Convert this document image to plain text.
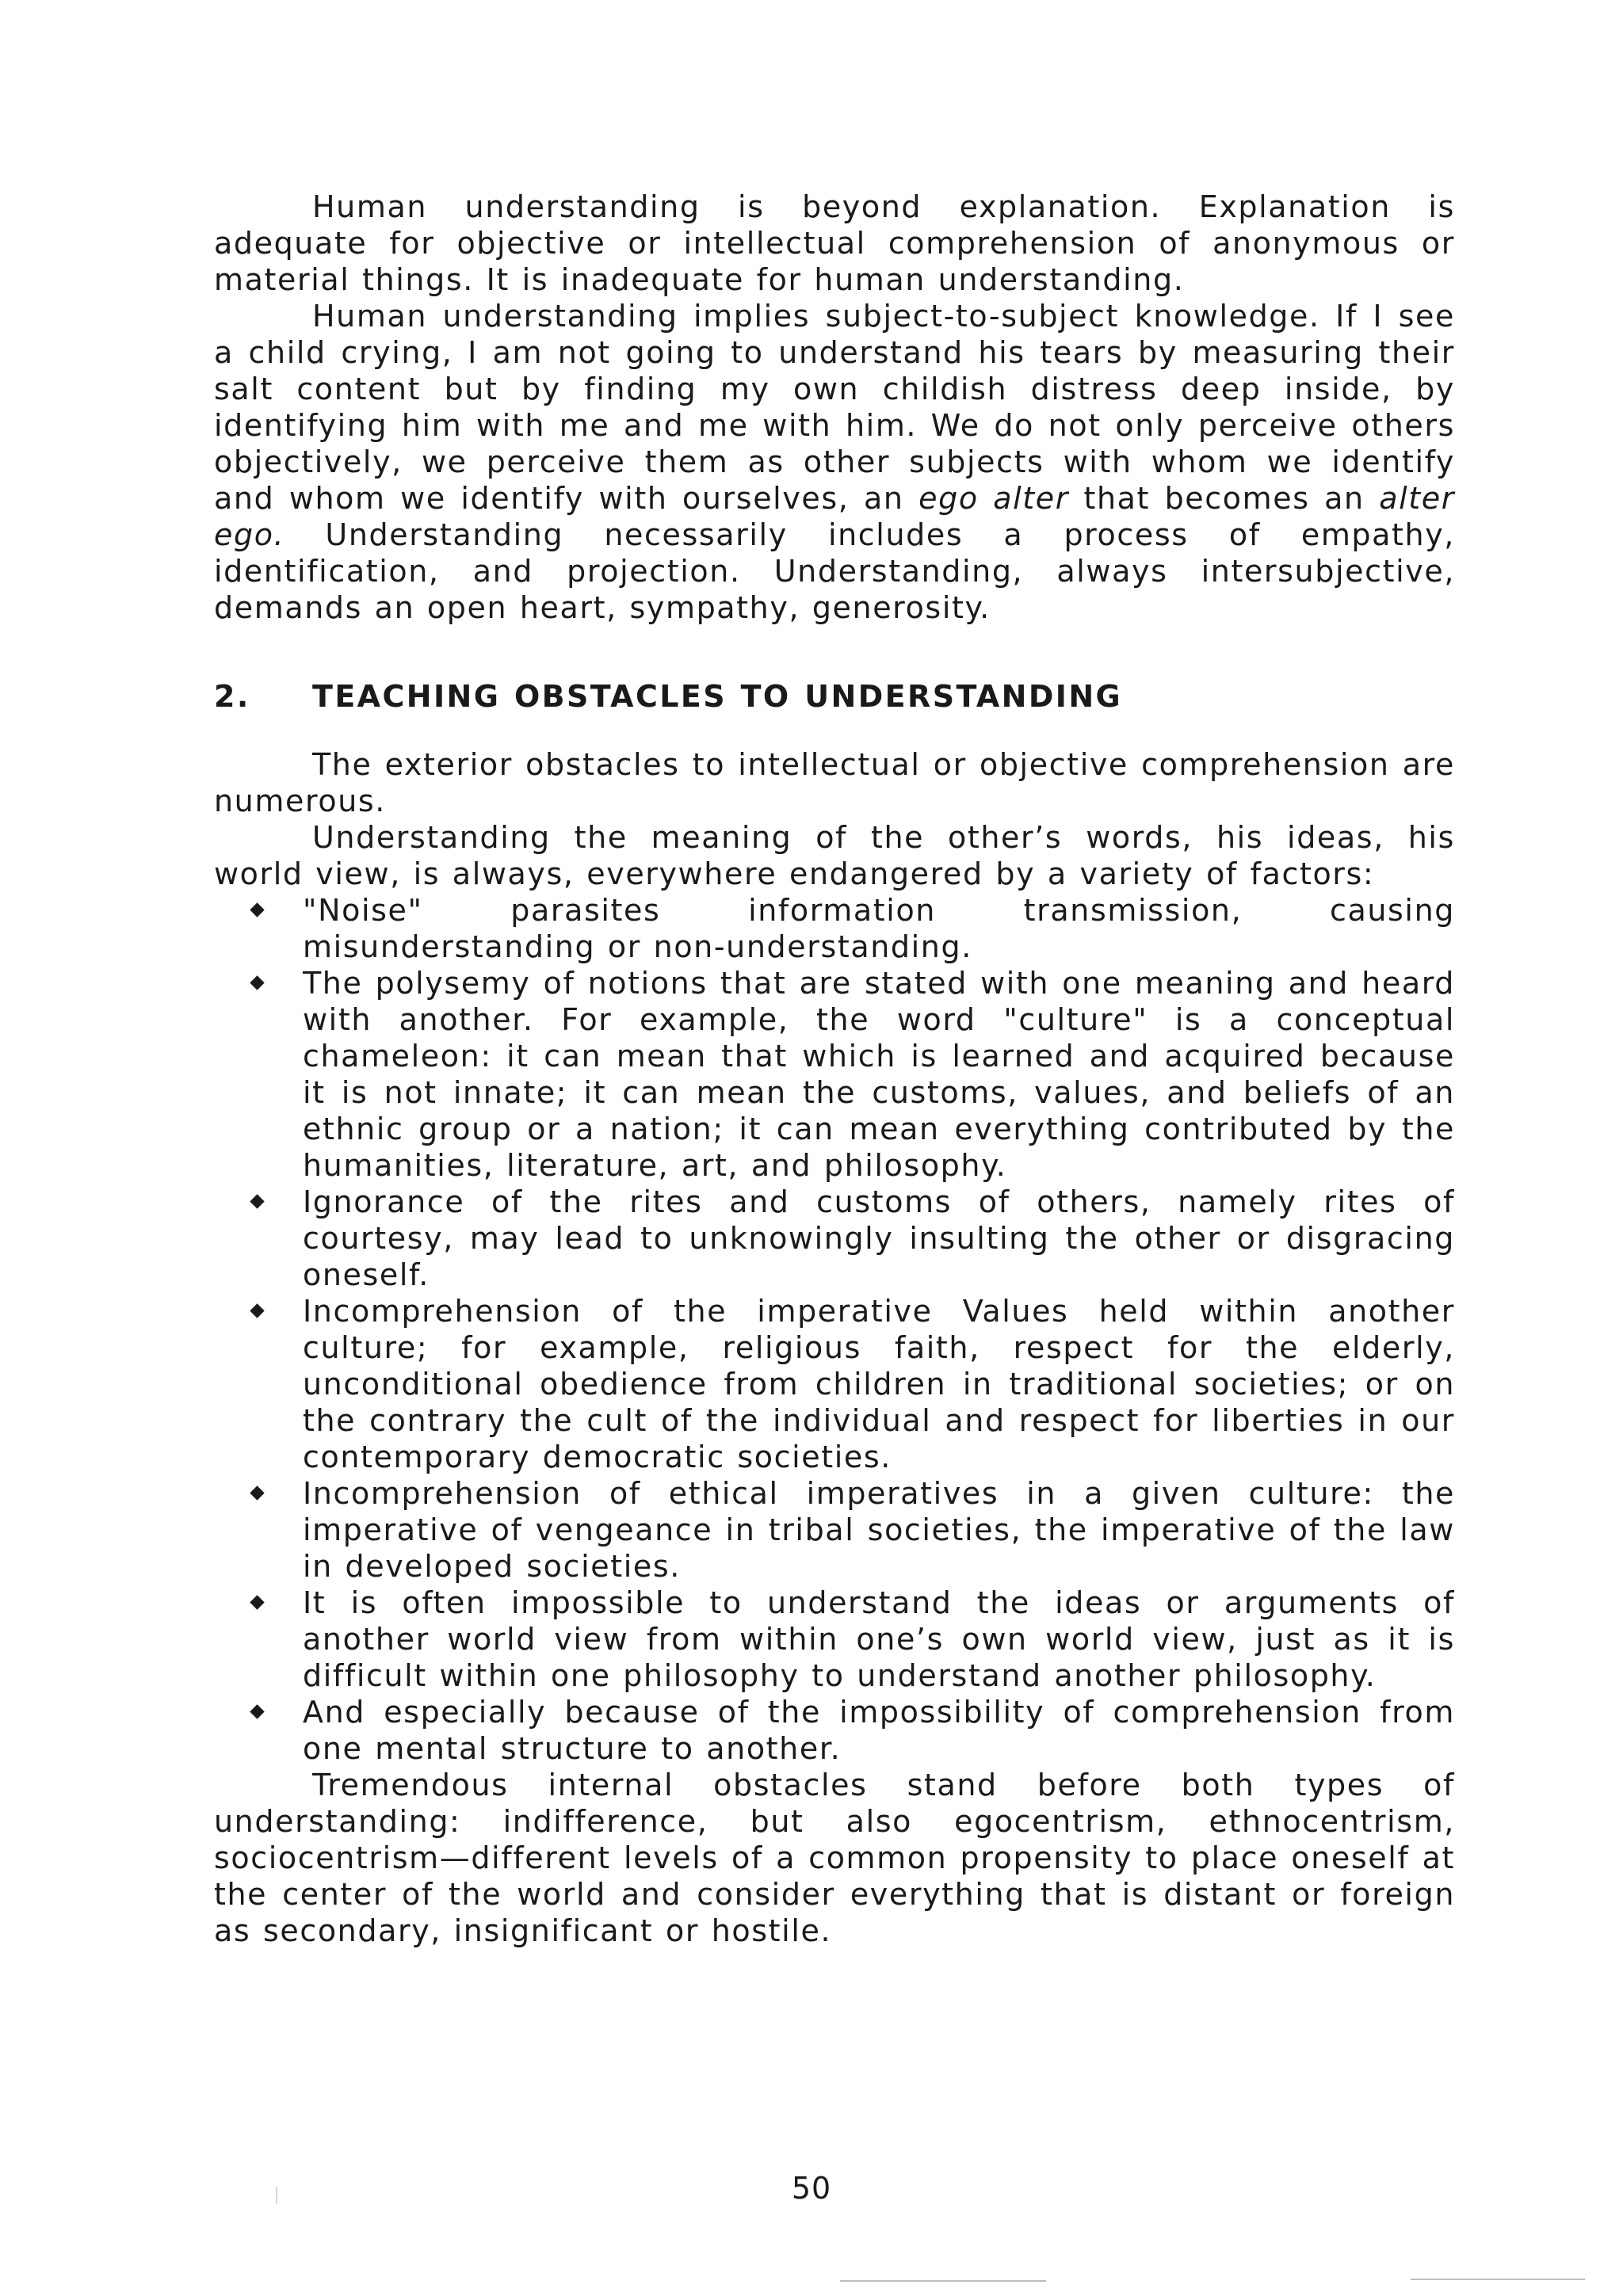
Human understanding is beyond explanation. Explanation is adequate for objective or intellectual comprehension of anonymous or material things. It is inadequate for human understanding.

Human understanding implies subject-to-subject knowledge. If I see a child crying, I am not going to understand his tears by measuring their salt content but by finding my own childish distress deep inside, by identifying him with me and me with him. We do not only perceive others objectively, we perceive them as other subjects with whom we identify and whom we identify with ourselves, an ego alter that becomes an alter ego. Understanding necessarily includes a process of empathy, identification, and projection. Understanding, always intersubjective, demands an open heart, sympathy, generosity.

2.	TEACHING OBSTACLES TO UNDERSTANDING

The exterior obstacles to intellectual or objective comprehension are numerous.

Understanding the meaning of the other’s words, his ideas, his world view, is always, everywhere endangered by a variety of factors:

"Noise" parasites information transmission, causing misunderstanding or non-understanding.
The polysemy of notions that are stated with one meaning and heard with another. For example, the word "culture" is a conceptual chameleon: it can mean that which is learned and acquired because it is not innate; it can mean the customs, values, and beliefs of an ethnic group or a nation; it can mean everything contributed by the humanities, literature, art, and philosophy.
Ignorance of the rites and customs of others, namely rites of courtesy, may lead to unknowingly insulting the other or disgracing oneself.
Incomprehension of the imperative Values held within another culture; for example, religious faith, respect for the elderly, unconditional obedience from children in traditional societies; or on the contrary the cult of the individual and respect for liberties in our contemporary democratic societies.
Incomprehension of ethical imperatives in a given culture: the imperative of vengeance in tribal societies, the imperative of the law in developed societies.
It is often impossible to understand the ideas or arguments of another world view from within one’s own world view, just as it is difficult within one philosophy to understand another philosophy.
And especially because of the impossibility of comprehension from one mental structure to another.

Tremendous internal obstacles stand before both types of understanding: indifference, but also egocentrism, ethnocentrism, sociocentrism—different levels of a common propensity to place oneself at the center of the world and consider everything that is distant or foreign as secondary, insignificant or hostile.

50
